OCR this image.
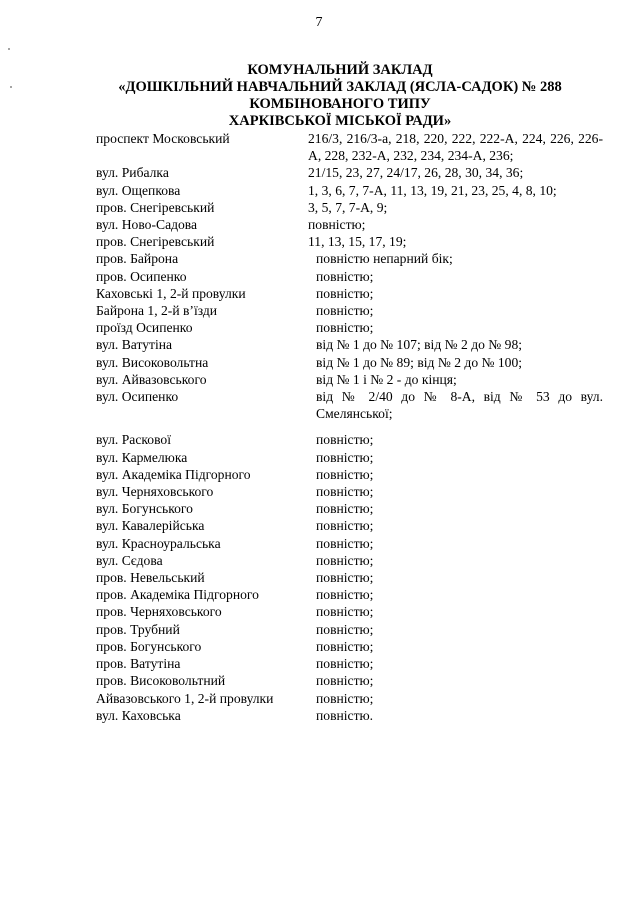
7
КОМУНАЛЬНИЙ ЗАКЛАД
«ДОШКІЛЬНИЙ НАВЧАЛЬНИЙ ЗАКЛАД (ЯСЛА-САДОК) № 288
КОМБІНОВАНОГО ТИПУ
ХАРКІВСЬКОЇ МІСЬКОЇ РАДИ»
проспект Московський	216/3, 216/3-а, 218, 220, 222, 222-А, 224, 226, 226-А, 228, 232-А, 232, 234, 234-А, 236;
вул. Рибалка	21/15, 23, 27, 24/17, 26, 28, 30, 34, 36;
вул. Ощепкова	1, 3, 6, 7, 7-А, 11, 13, 19, 21, 23, 25, 4, 8, 10;
пров. Снегірeвський	3, 5, 7, 7-А, 9;
вул. Ново-Садова	повністю;
пров. Снегірeвський	11, 13, 15, 17, 19;
пров. Байрона	повністю непарний бік;
пров. Осипенко	повністю;
Каховські 1, 2-й провулки	повністю;
Байрона 1, 2-й в’їзди	повністю;
проїзд Осипенко	повністю;
вул. Ватутіна	від № 1 до № 107; від № 2 до № 98;
вул. Високовольтна	від № 1 до № 89; від № 2 до № 100;
вул. Айвазовського	від № 1 і № 2 - до кінця;
вул. Осипенко	від № 2/40 до № 8-А, від № 53 до вул. Смелянської;
вул. Раскової	повністю;
вул. Кармелюка	повністю;
вул. Академіка Підгорного	повністю;
вул. Черняховського	повністю;
вул. Богунського	повністю;
вул. Кавалерійська	повністю;
вул. Красноуральська	повністю;
вул. Сєдова	повністю;
пров. Невельський	повністю;
пров. Академіка Підгорного	повністю;
пров. Черняховського	повністю;
пров. Трубний	повністю;
пров. Богунського	повністю;
пров. Ватутіна	повністю;
пров. Високовольтний	повністю;
Айвазовського 1, 2-й провулки	повністю;
вул. Каховська	повністю.
